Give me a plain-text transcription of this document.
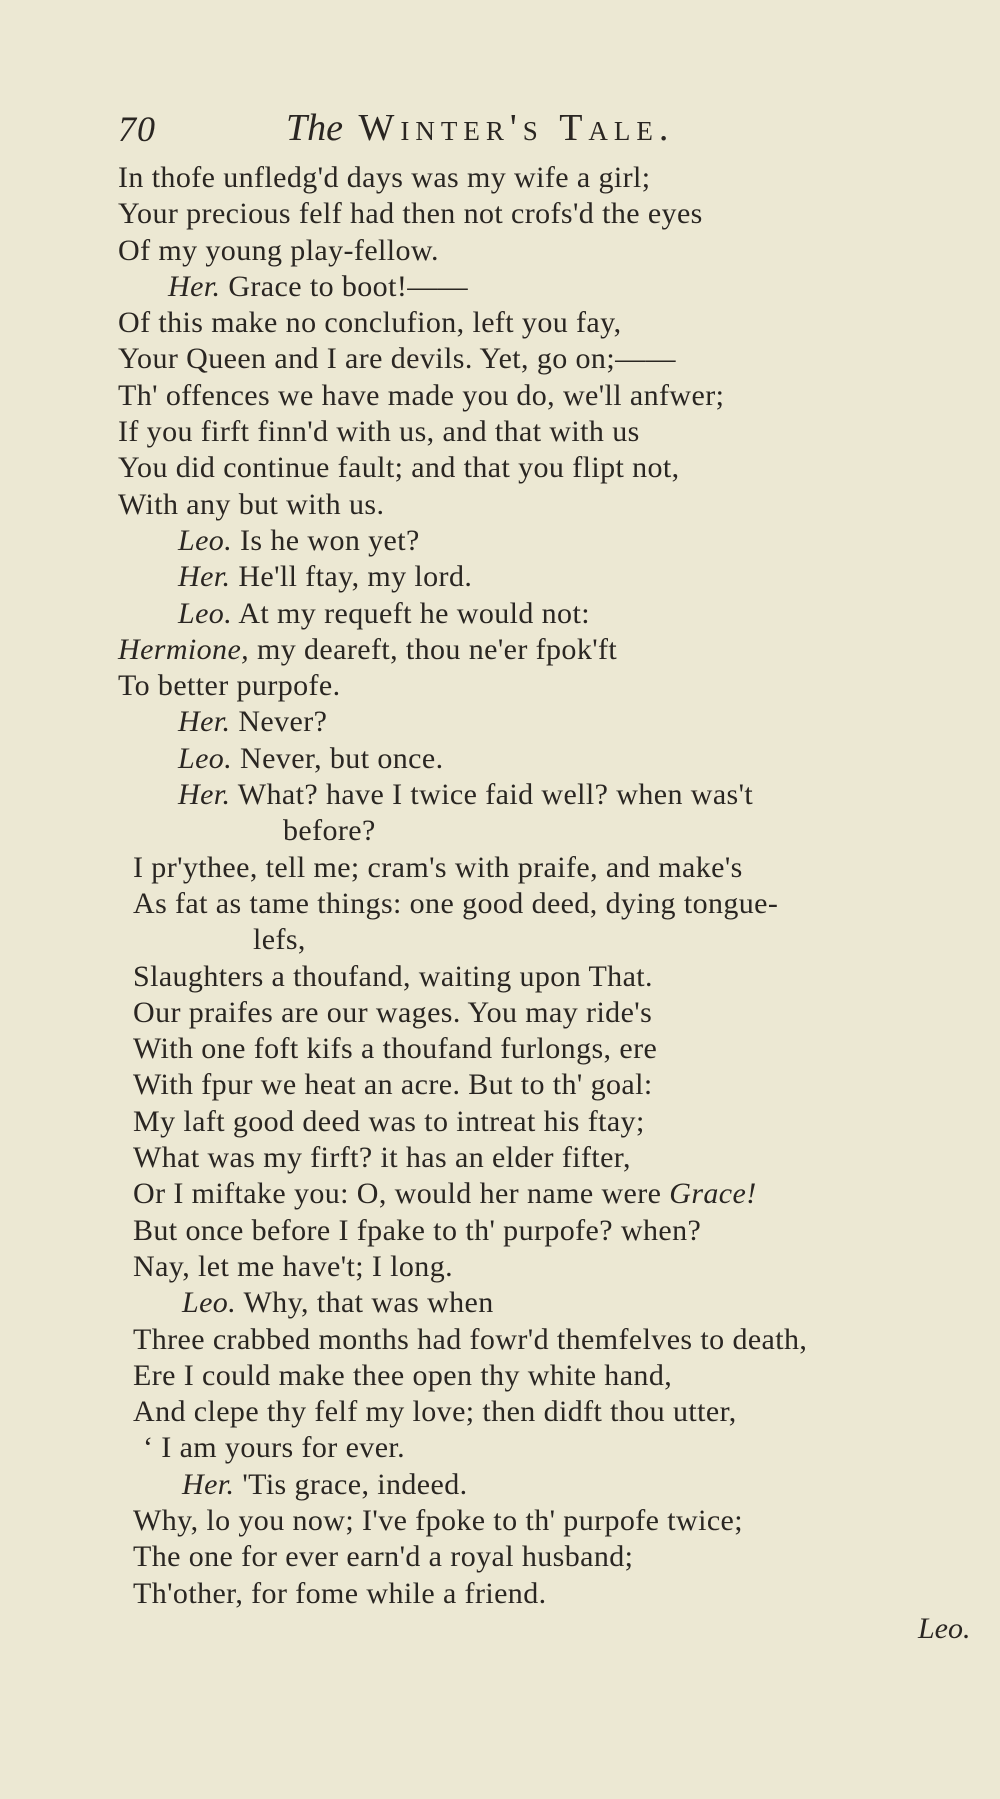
70	The Winter's Tale.
In thofe unfledg'd days was my wife a girl;
Your precious felf had then not crofs'd the eyes
Of my young play-fellow.
Her. Grace to boot!——
Of this make no conclufion, left you fay,
Your Queen and I are devils. Yet, go on;——
Th' offences we have made you do, we'll anfwer;
If you firft finn'd with us, and that with us
You did continue fault; and that you flipt not,
With any but with us.
Leo. Is he won yet?
Her. He'll ftay, my lord.
Leo. At my requeft he would not:
Hermione, my deareft, thou ne'er fpok'ft
To better purpofe.
Her. Never?
Leo. Never, but once.
Her. What? have I twice faid well? when was't
before?
I pr'ythee, tell me; cram's with praife, and make's
As fat as tame things: one good deed, dying tongue-
lefs,
Slaughters a thoufand, waiting upon That.
Our praifes are our wages. You may ride's
With one foft kifs a thoufand furlongs, ere
With fpur we heat an acre. But to th' goal:
My laft good deed was to intreat his ftay;
What was my firft? it has an elder fifter,
Or I miftake you: O, would her name were Grace!
But once before I fpake to th' purpofe? when?
Nay, let me have't; I long.
Leo. Why, that was when
Three crabbed months had fowr'd themfelves to death,
Ere I could make thee open thy white hand,
And clepe thy felf my love; then didft thou utter,
‘ I am yours for ever.
Her. 'Tis grace, indeed.
Why, lo you now; I've fpoke to th' purpofe twice;
The one for ever earn'd a royal husband;
Th'other, for fome while a friend.
Leo.
